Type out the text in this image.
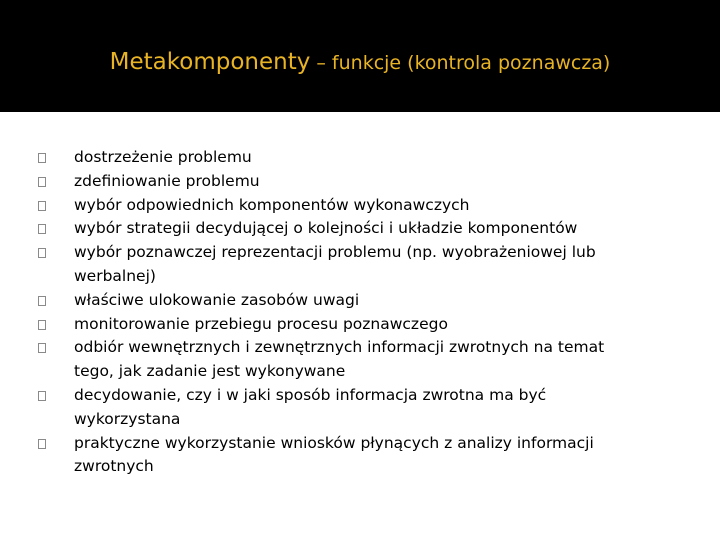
Metakomponenty – funkcje (kontrola poznawcza)
dostrzeżenie problemu
zdefiniowanie problemu
wybór odpowiednich komponentów wykonawczych
wybór strategii decydującej o kolejności i układzie komponentów
wybór poznawczej reprezentacji problemu (np. wyobrażeniowej lub werbalnej)
właściwe ulokowanie zasobów uwagi
monitorowanie przebiegu procesu poznawczego
odbiór wewnętrznych i zewnętrznych informacji zwrotnych na temat tego, jak zadanie jest wykonywane
decydowanie, czy i w jaki sposób informacja zwrotna ma być wykorzystana
praktyczne wykorzystanie wniosków płynących z analizy informacji zwrotnych
